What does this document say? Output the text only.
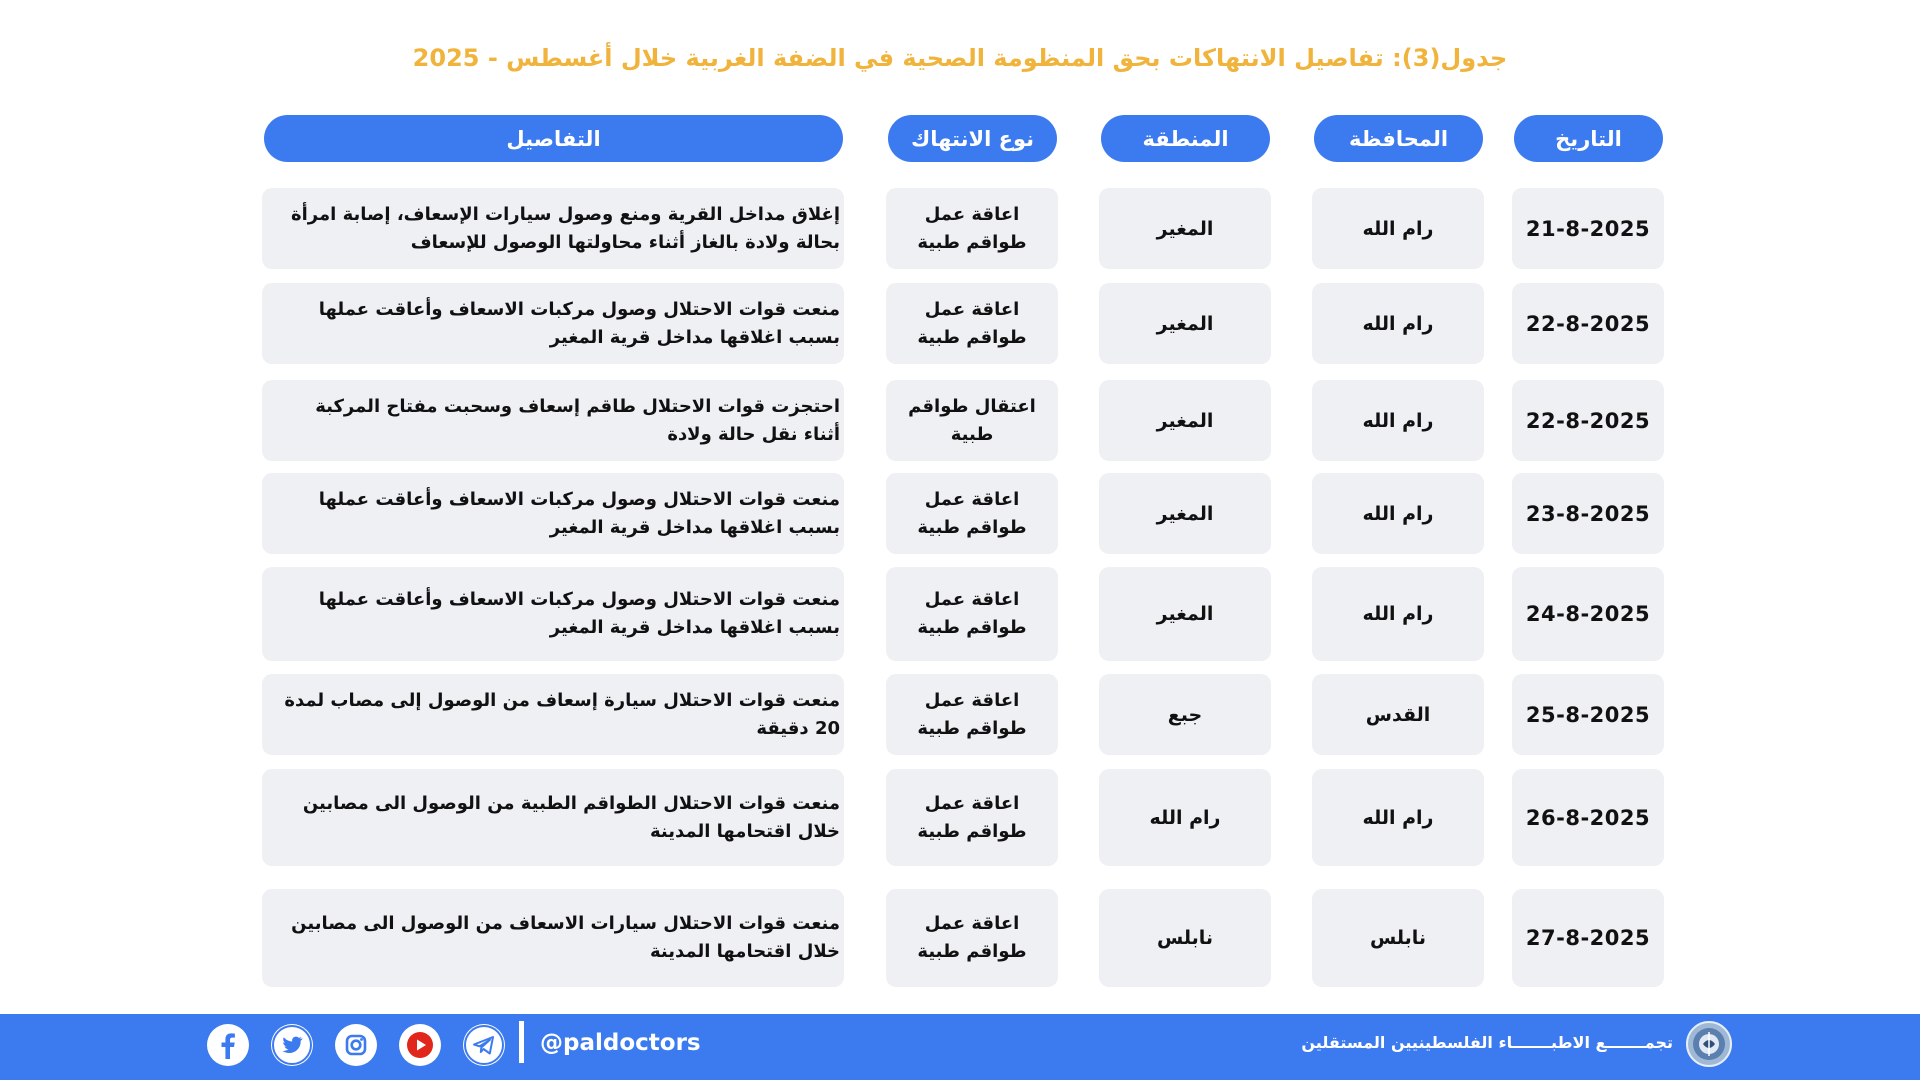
جدول(3): تفاصيل الانتهاكات بحق المنظومة الصحية في الضفة الغربية خلال أغسطس - 2025
التاريخ
المحافظة
المنطقة
نوع الانتهاك
التفاصيل
21-8-2025
رام الله
المغير
اعاقة عمل طواقم طبية
إغلاق مداخل القرية ومنع وصول سيارات الإسعاف، إصابة امرأة بحالة ولادة بالغاز أثناء محاولتها الوصول للإسعاف
22-8-2025
رام الله
المغير
اعاقة عمل طواقم طبية
منعت قوات الاحتلال وصول مركبات الاسعاف وأعاقت عملها بسبب اغلاقها مداخل قرية المغير
22-8-2025
رام الله
المغير
اعتقال طواقم طبية
احتجزت قوات الاحتلال طاقم إسعاف وسحبت مفتاح المركبة أثناء نقل حالة ولادة
23-8-2025
رام الله
المغير
اعاقة عمل طواقم طبية
منعت قوات الاحتلال وصول مركبات الاسعاف وأعاقت عملها بسبب اغلاقها مداخل قرية المغير
24-8-2025
رام الله
المغير
اعاقة عمل طواقم طبية
منعت قوات الاحتلال وصول مركبات الاسعاف وأعاقت عملها بسبب اغلاقها مداخل قرية المغير
25-8-2025
القدس
جبع
اعاقة عمل طواقم طبية
منعت قوات الاحتلال سيارة إسعاف من الوصول إلى مصاب لمدة 20 دقيقة
26-8-2025
رام الله
رام الله
اعاقة عمل طواقم طبية
منعت قوات الاحتلال الطواقم الطبية من الوصول الى مصابين خلال اقتحامها المدينة
27-8-2025
نابلس
نابلس
اعاقة عمل طواقم طبية
منعت قوات الاحتلال سيارات الاسعاف من الوصول الى مصابين خلال اقتحامها المدينة
@paldoctors	تجمـــــــع الاطبـــــــاء الفلسطينيين المستقلين
